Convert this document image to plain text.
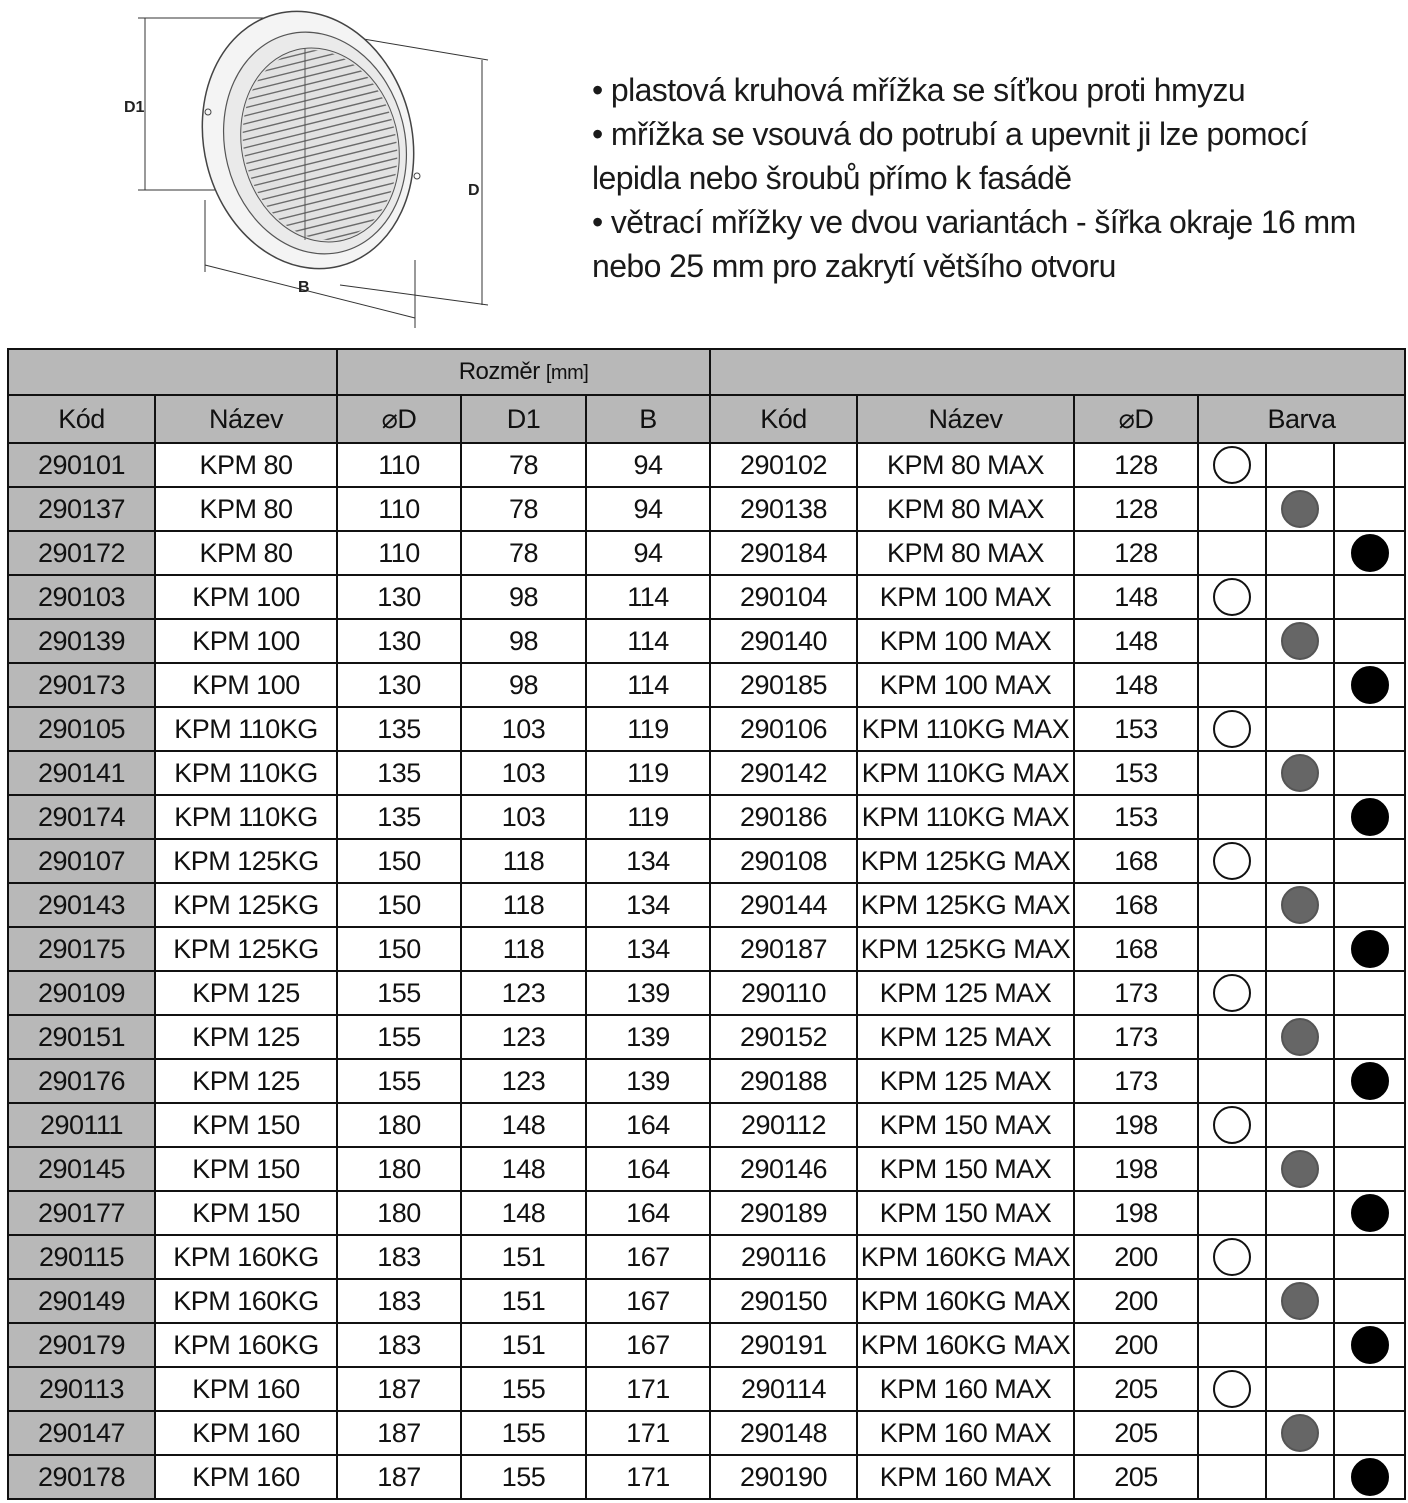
D1
D
B

• plastová kruhová mřížka se síťkou proti hmyzu

• mřížka se vsouvá do potrubí a upevnit ji lze pomocí lepidla nebo šroubů přímo k fasádě

• větrací mřížky ve dvou variantách - šířka okraje 16 mm nebo 25 mm pro zakrytí většího otvoru

		Rozměr [mm]								
Kód	Název	⌀D	D1	B	Kód	Název	⌀D	Barva		
290101	KPM 80	110	78	94	290102	KPM 80 MAX	128			
290137	KPM 80	110	78	94	290138	KPM 80 MAX	128			
290172	KPM 80	110	78	94	290184	KPM 80 MAX	128			
290103	KPM 100	130	98	114	290104	KPM 100 MAX	148			
290139	KPM 100	130	98	114	290140	KPM 100 MAX	148			
290173	KPM 100	130	98	114	290185	KPM 100 MAX	148			
290105	KPM 110KG	135	103	119	290106	KPM 110KG MAX	153			
290141	KPM 110KG	135	103	119	290142	KPM 110KG MAX	153			
290174	KPM 110KG	135	103	119	290186	KPM 110KG MAX	153			
290107	KPM 125KG	150	118	134	290108	KPM 125KG MAX	168			
290143	KPM 125KG	150	118	134	290144	KPM 125KG MAX	168			
290175	KPM 125KG	150	118	134	290187	KPM 125KG MAX	168			
290109	KPM 125	155	123	139	290110	KPM 125 MAX	173			
290151	KPM 125	155	123	139	290152	KPM 125 MAX	173			
290176	KPM 125	155	123	139	290188	KPM 125 MAX	173			
290111	KPM 150	180	148	164	290112	KPM 150 MAX	198			
290145	KPM 150	180	148	164	290146	KPM 150 MAX	198			
290177	KPM 150	180	148	164	290189	KPM 150 MAX	198			
290115	KPM 160KG	183	151	167	290116	KPM 160KG MAX	200			
290149	KPM 160KG	183	151	167	290150	KPM 160KG MAX	200			
290179	KPM 160KG	183	151	167	290191	KPM 160KG MAX	200			
290113	KPM 160	187	155	171	290114	KPM 160 MAX	205			
290147	KPM 160	187	155	171	290148	KPM 160 MAX	205			
290178	KPM 160	187	155	171	290190	KPM 160 MAX	205			
